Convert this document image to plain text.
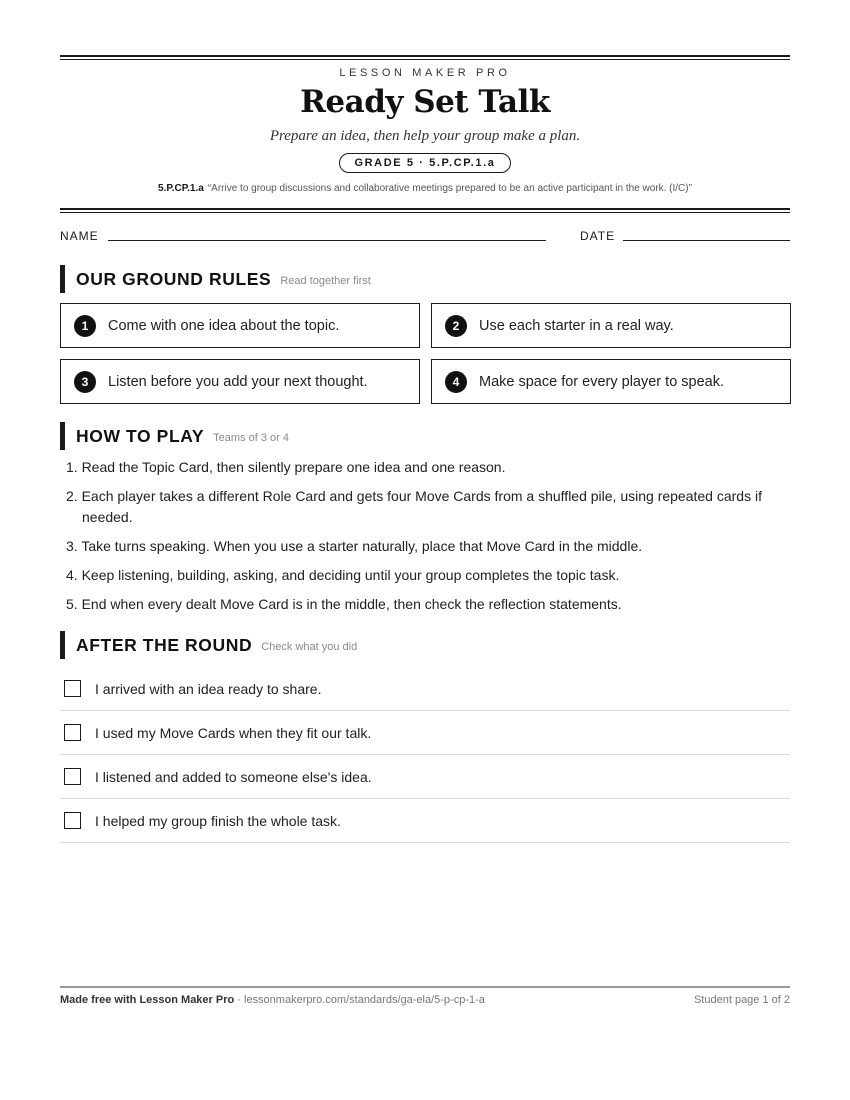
LESSON MAKER PRO
Ready Set Talk
Prepare an idea, then help your group make a plan.
GRADE 5 · 5.P.CP.1.a
5.P.CP.1.a “Arrive to group discussions and collaborative meetings prepared to be an active participant in the work. (I/C)”
NAME	DATE
OUR GROUND RULES Read together first
1	Come with one idea about the topic.	2	Use each starter in a real way.
3	Listen before you add your next thought.	4	Make space for every player to speak.
HOW TO PLAY Teams of 3 or 4
1. Read the Topic Card, then silently prepare one idea and one reason.
2. Each player takes a different Role Card and gets four Move Cards from a shuffled pile, using repeated cards if needed.
3. Take turns speaking. When you use a starter naturally, place that Move Card in the middle.
4. Keep listening, building, asking, and deciding until your group completes the topic task.
5. End when every dealt Move Card is in the middle, then check the reflection statements.
AFTER THE ROUND Check what you did
I arrived with an idea ready to share.
I used my Move Cards when they fit our talk.
I listened and added to someone else's idea.
I helped my group finish the whole task.
Made free with Lesson Maker Pro · lessonmakerpro.com/standards/ga-ela/5-p-cp-1-a	Student page 1 of 2
